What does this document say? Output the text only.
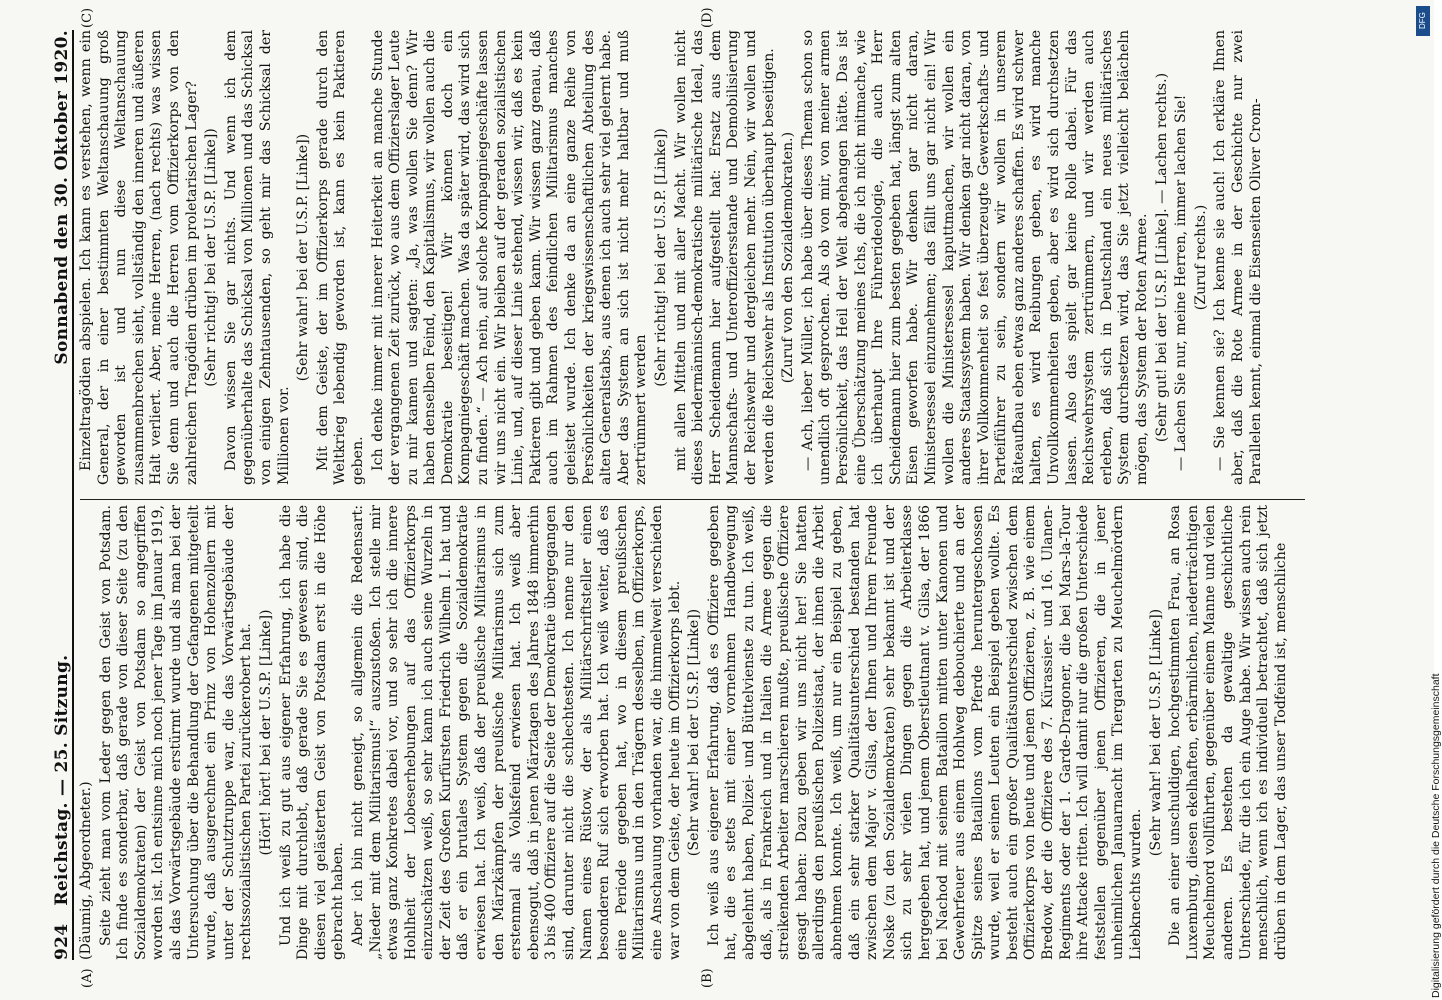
924
Reichstag. — 25. Sitzung.
Sonnabend den 30. Oktober 1920.

(Däumig, Abgeordneter.) Seite zieht man vom Leder gegen den Geist von Potsdam. Ich finde es sonderbar, daß gerade von dieser Seite (zu den Sozialdemokraten) der Geist von Potsdam so angegriffen worden ist. Ich entsinne mich noch jener Tage im Januar 1919, als das Vorwärtsgebäude erstürmt wurde und als man bei der Untersuchung über die Behandlung der Gefangenen mitgeteilt wurde, daß ausgerechnet ein Prinz von Hohenzollern mit unter der Schutztruppe war, die das Vorwärtsgebäude der rechtssozialistischen Partei zurückerobert hat. (Hört! hört! bei der U.S.P. [Linke]) Und ich weiß zu gut aus eigener Erfahrung, ich habe die Dinge mit durchlebt, daß gerade Sie es gewesen sind, die diesen viel gelästerten Geist von Potsdam erst in die Höhe gebracht haben. Aber ich bin nicht geneigt, so allgemein die Redensart: „Nieder mit dem Militarismus!“ auszustoßen. Ich stelle mir etwas ganz Konkretes dabei vor, und so sehr ich die innere Hohlheit der Lobeserhebungen auf das Offizierkorps einzuschätzen weiß, so sehr kann ich auch seine Wurzeln in der Zeit des Großen Kurfürsten Friedrich Wilhelm I. hat und daß er ein brutales System gegen die Sozialdemokratie erwiesen hat. Ich weiß, daß der preußische Militarismus in den Märzkämpfen der preußische Militarismus sich zum erstenmal als Volksfeind erwiesen hat. Ich weiß aber ebensogut, daß in jenen Märztagen des Jahres 1848 immerhin 3 bis 400 Offiziere auf die Seite der Demokratie übergegangen sind, darunter nicht die schlechtesten. Ich nenne nur den Namen eines Rüstow, der als Militärschriftsteller einen besonderen Ruf sich erworben hat. Ich weiß weiter, daß es eine Periode gegeben hat, wo in diesem preußischen Militarismus und in den Trägern desselben, im Offizierkorps, eine Anschauung vorhanden war, die himmelweit verschieden war von dem Geiste, der heute im Offizierkorps lebt. (Sehr wahr! bei der U.S.P. [Linke]) Ich weiß aus eigener Erfahrung, daß es Offiziere gegeben hat, die es stets mit einer vornehmen Handbewegung abgelehnt haben, Polizei- und Büttelvienste zu tun. Ich weiß, daß, als in Frankreich und in Italien die Armee gegen die streikenden Arbeiter marschieren mußte, preußische Offiziere gesagt haben: Dazu geben wir uns nicht her! Sie hatten allerdings den preußischen Polizeistaat, der ihnen die Arbeit abnehmen konnte. Ich weiß, um nur ein Beispiel zu geben, daß ein sehr starker Qualitätsunterschied bestanden hat zwischen dem Major v. Gilsa, der Ihnen und Ihrem Freunde Noske (zu den Sozialdemokraten) sehr bekannt ist und der sich zu sehr vielen Dingen gegen die Arbeiterklasse hergegeben hat, und jenem Oberstleutnant v. Gilsa, der 1866 bei Nachod mit seinem Bataillon mitten unter Kanonen und Gewehrfeuer aus einem Hohlweg debouchierte und an der Spitze seines Bataillons vom Pferde heruntergeschossen wurde, weil er seinen Leuten ein Beispiel geben wollte. Es besteht auch ein großer Qualitätsunterschied zwischen dem Offizierkorps von heute und jenen Offizieren, z. B. wie einem Bredow, der die Offiziere des 7. Kürassier- und 16. Ulanen-Regiments oder der 1. Garde-Dragoner, die bei Mars-la-Tour ihre Attacke ritten. Ich will damit nur die großen Unterschiede feststellen gegenüber jenen Offizieren, die in jener unheimlichen Januarnacht im Tiergarten zu Meuchelmördern Liebknechts wurden.

(Sehr wahr! bei der U.S.P. [Linke]) Die an einer unschuldigen, hochgestimmten Frau, an Rosa Luxemburg, diesen ekelhaften, erbärmlichen, niederträchtigen Meuchelmord vollführten, gegenüber einem Manne und vielen anderen. Es bestehen da gewaltige geschichtliche Unterschiede, für die ich ein Auge habe. Wir wissen auch rein menschlich, wenn ich es individuell betrachtet, daß sich jetzt drüben in dem Lager, das unser Todfeind ist, menschliche

Einzeltragödien abspielen. Ich kann es verstehen, wenn ein General, der in einer bestimmten Weltanschauung groß geworden ist und nun diese Weltanschauung zusammenbrechen sieht, vollständig den inneren und äußeren Halt verliert. Aber, meine Herren, (nach rechts) was wissen Sie denn und auch die Herren vom Offizierkorps von den zahlreichen Tragödien drüben im proletarischen Lager? (Sehr richtig! bei der U.S.P. [Linke]) Davon wissen Sie gar nichts. Und wenn ich dem gegenüberhalte das Schicksal von Millionen und das Schicksal von einigen Zehntausenden, so geht mir das Schicksal der Millionen vor.

(Sehr wahr! bei der U.S.P. [Linke]) Mit dem Geiste, der im Offizierkorps gerade durch den Weltkrieg lebendig geworden ist, kann es kein Paktieren geben. Ich denke immer mit innerer Heiterkeit an manche Stunde der vergangenen Zeit zurück, wo aus dem Offizierslager Leute zu mir kamen und sagten: „Ja, was wollen Sie denn? Wir haben denselben Feind, den Kapitalismus, wir wollen auch die Demokratie beseitigen! Wir können doch ein Kompagniegeschäft machen. Was da später wird, das wird sich zu finden.“ — Ach nein, auf solche Kompagniegeschäfte lassen wir uns nicht ein. Wir bleiben auf der geraden sozialistischen Linie, und, auf dieser Linie stehend, wissen wir, daß es kein Paktieren gibt und geben kann. Wir wissen ganz genau, daß auch im Rahmen des feindlichen Militarismus manches geleistet wurde. Ich denke da an eine ganze Reihe von Persönlichkeiten der kriegswissenschaftlichen Abteilung des alten Generalstabs, aus denen ich auch sehr viel gelernt habe. Aber das System an sich ist nicht mehr haltbar und muß zertrümmert werden

(Sehr richtig! bei der U.S.P. [Linke]) mit allen Mitteln und mit aller Macht. Wir wollen nicht dieses biedermännisch-demokratische militärische Ideal, das Herr Scheidemann hier aufgestellt hat: Ersatz aus dem Mannschafts- und Unteroffiziersstande und Demobilisierung der Reichswehr und dergleichen mehr. Nein, wir wollen und werden die Reichswehr als Institution überhaupt beseitigen. (Zuruf von den Sozialdemokraten.) — Ach, lieber Müller, ich habe über dieses Thema schon so unendlich oft gesprochen. Als ob von mir, von meiner armen Persönlichkeit, das Heil der Welt abgehangen hätte. Das ist eine Überschätzung meines Ichs, die ich nicht mitmache, wie ich überhaupt Ihre Führerideologie, die auch Herr Scheidemann hier zum besten gegeben hat, längst zum alten Eisen geworfen habe. Wir denken gar nicht daran, Ministersessel einzunehmen; das fällt uns gar nicht ein! Wir wollen die Ministersessel kaputtmachen, wir wollen ein anderes Staatssystem haben. Wir denken gar nicht daran, von ihrer Vollkommenheit so fest überzeugte Gewerkschafts- und Parteiführer zu sein, sondern wir wollen in unserem Räteaufbau eben etwas ganz anderes schaffen. Es wird schwer halten, es wird Reibungen geben, es wird manche Unvollkommenheiten geben, aber es wird sich durchsetzen lassen. Also das spielt gar keine Rolle dabei. Für das Reichswehrsystem zertrümmern, und wir werden auch erleben, daß sich in Deutschland ein neues militärisches System durchsetzen wird, das Sie jetzt vielleicht belächeln mögen, das System der Roten Armee. (Sehr gut! bei der U.S.P. [Linke]. — Lachen rechts.) — Lachen Sie nur, meine Herren, immer lachen Sie! (Zuruf rechts.) — Sie kennen sie? Ich kenne sie auch! Ich erkläre Ihnen aber, daß die Rote Armee in der Geschichte nur zwei Parallelen kennt, einmal die Eisenseiten Oliver Crom-

(A)	(B)
(C)	(D)	DFG
Digitalisierung gefördert durch die Deutsche Forschungsgemeinschaft
